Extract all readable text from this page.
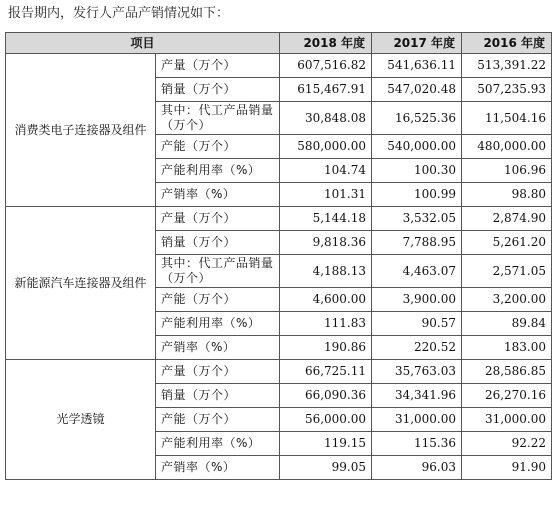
报告期内，发行人产品产销情况如下：
项目		2018 年度	2017 年度	2016 年度
消费类电子连接器及组件	产量（万个）	607,516.82	541,636.11	513,391.22
	销量（万个）	615,467.91	547,020.48	507,235.93
	其中：代工产品销量（万个）	30,848.08	16,525.36	11,504.16
	产能（万个）	580,000.00	540,000.00	480,000.00
	产能利用率（%）	104.74	100.30	106.96
	产销率（%）	101.31	100.99	98.80
新能源汽车连接器及组件	产量（万个）	5,144.18	3,532.05	2,874.90
	销量（万个）	9,818.36	7,788.95	5,261.20
	其中：代工产品销量（万个）	4,188.13	4,463.07	2,571.05
	产能（万个）	4,600.00	3,900.00	3,200.00
	产能利用率（%）	111.83	90.57	89.84
	产销率（%）	190.86	220.52	183.00
光学透镜	产量（万个）	66,725.11	35,763.03	28,586.85
	销量（万个）	66,090.36	34,341.96	26,270.16
	产能（万个）	56,000.00	31,000.00	31,000.00
	产能利用率（%）	119.15	115.36	92.22
	产销率（%）	99.05	96.03	91.90
